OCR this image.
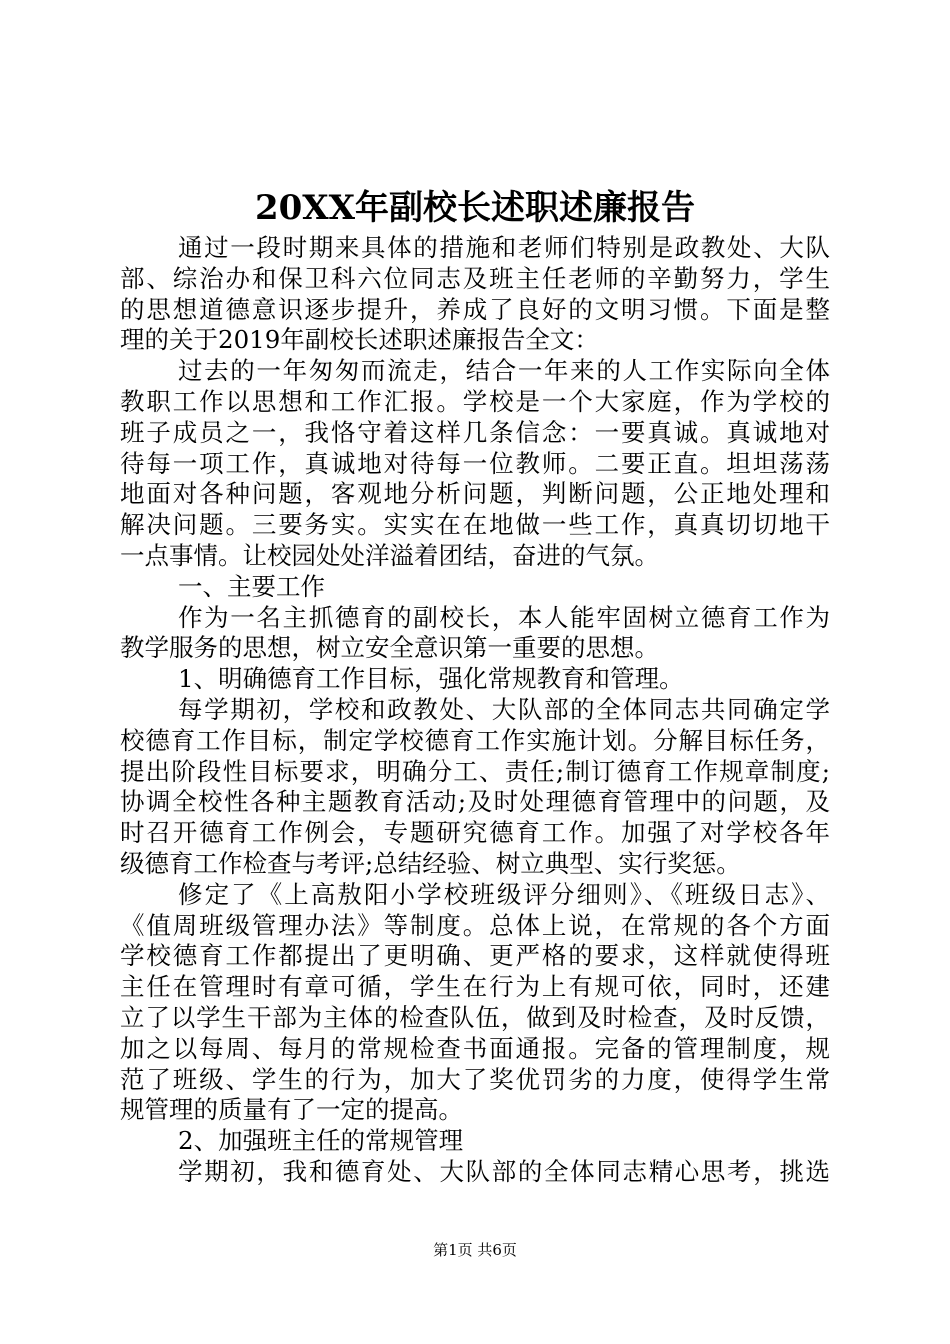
20XX年副校长述职述廉报告
通过一段时期来具体的措施和老师们特别是政教处、大队
部、综治办和保卫科六位同志及班主任老师的辛勤努力，学生
的思想道德意识逐步提升，养成了良好的文明习惯。下面是整
理的关于2019年副校长述职述廉报告全文：
过去的一年匆匆而流走，结合一年来的人工作实际向全体
教职工作以思想和工作汇报。学校是一个大家庭，作为学校的
班子成员之一，我恪守着这样几条信念：一要真诚。真诚地对
待每一项工作，真诚地对待每一位教师。二要正直。坦坦荡荡
地面对各种问题，客观地分析问题，判断问题，公正地处理和
解决问题。三要务实。实实在在地做一些工作，真真切切地干
一点事情。让校园处处洋溢着团结，奋进的气氛。
一、主要工作
作为一名主抓德育的副校长，本人能牢固树立德育工作为
教学服务的思想，树立安全意识第一重要的思想。
1、明确德育工作目标，强化常规教育和管理。
每学期初，学校和政教处、大队部的全体同志共同确定学
校德育工作目标，制定学校德育工作实施计划。分解目标任务，
提出阶段性目标要求，明确分工、责任;制订德育工作规章制度;
协调全校性各种主题教育活动;及时处理德育管理中的问题，及
时召开德育工作例会，专题研究德育工作。加强了对学校各年
级德育工作检查与考评;总结经验、树立典型、实行奖惩。
修定了《上高敖阳小学校班级评分细则》、《班级日志》、
《值周班级管理办法》等制度。总体上说，在常规的各个方面
学校德育工作都提出了更明确、更严格的要求，这样就使得班
主任在管理时有章可循，学生在行为上有规可依，同时，还建
立了以学生干部为主体的检查队伍，做到及时检查，及时反馈，
加之以每周、每月的常规检查书面通报。完备的管理制度，规
范了班级、学生的行为，加大了奖优罚劣的力度，使得学生常
规管理的质量有了一定的提高。
2、加强班主任的常规管理
学期初，我和德育处、大队部的全体同志精心思考，挑选
第1页 共6页
